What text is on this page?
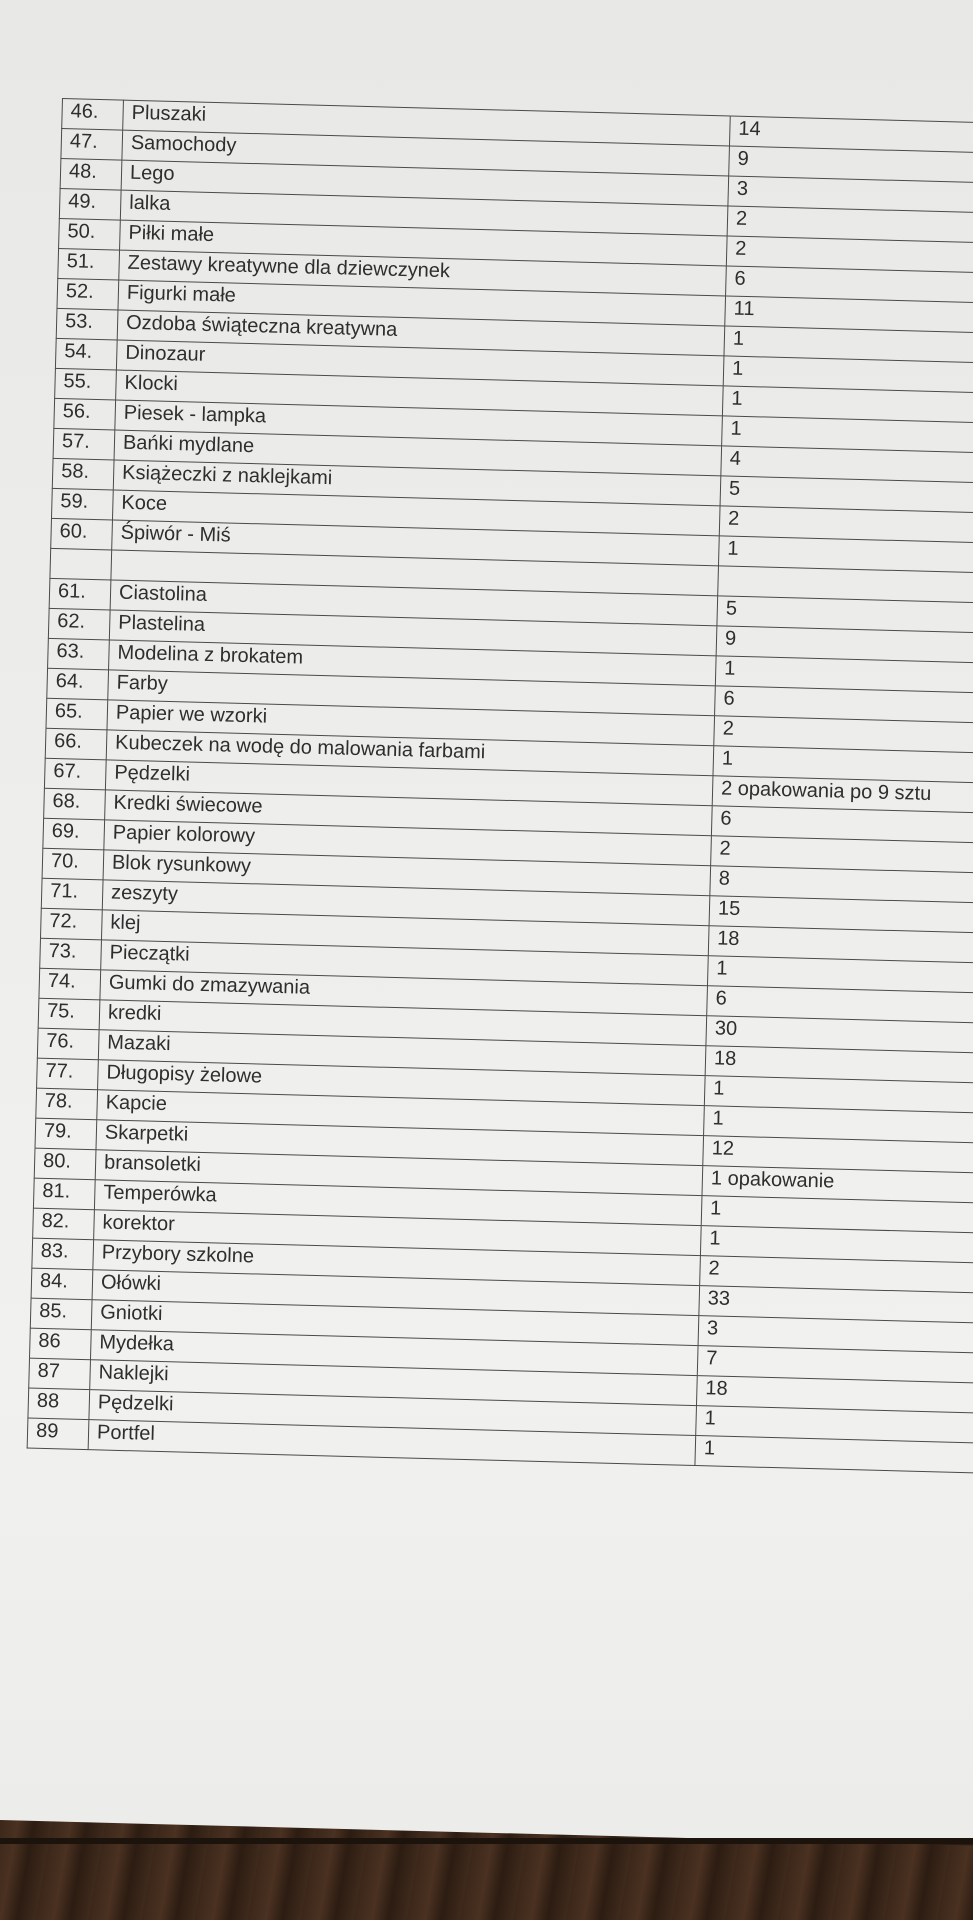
46.	Pluszaki	14
47.	Samochody	9
48.	Lego	3
49.	lalka	2
50.	Piłki małe	2
51.	Zestawy kreatywne dla dziewczynek	6
52.	Figurki małe	11
53.	Ozdoba świąteczna kreatywna	1
54.	Dinozaur	1
55.	Klocki	1
56.	Piesek - lampka	1
57.	Bańki mydlane	4
58.	Książeczki z naklejkami	5
59.	Koce	2
60.	Śpiwór - Miś	1

61.	Ciastolina	5
62.	Plastelina	9
63.	Modelina z brokatem	1
64.	Farby	6
65.	Papier we wzorki	2
66.	Kubeczek na wodę do malowania farbami	1
67.	Pędzelki	2 opakowania po 9 sztu
68.	Kredki świecowe	6
69.	Papier kolorowy	2
70.	Blok rysunkowy	8
71.	zeszyty	15
72.	klej	18
73.	Pieczątki	1
74.	Gumki do zmazywania	6
75.	kredki	30
76.	Mazaki	18
77.	Długopisy żelowe	1
78.	Kapcie	1
79.	Skarpetki	12
80.	bransoletki	1 opakowanie
81.	Temperówka	1
82.	korektor	1
83.	Przybory szkolne	2
84.	Ołówki	33
85.	Gniotki	3
86	Mydełka	7
87	Naklejki	18
88	Pędzelki	1
89	Portfel	1
